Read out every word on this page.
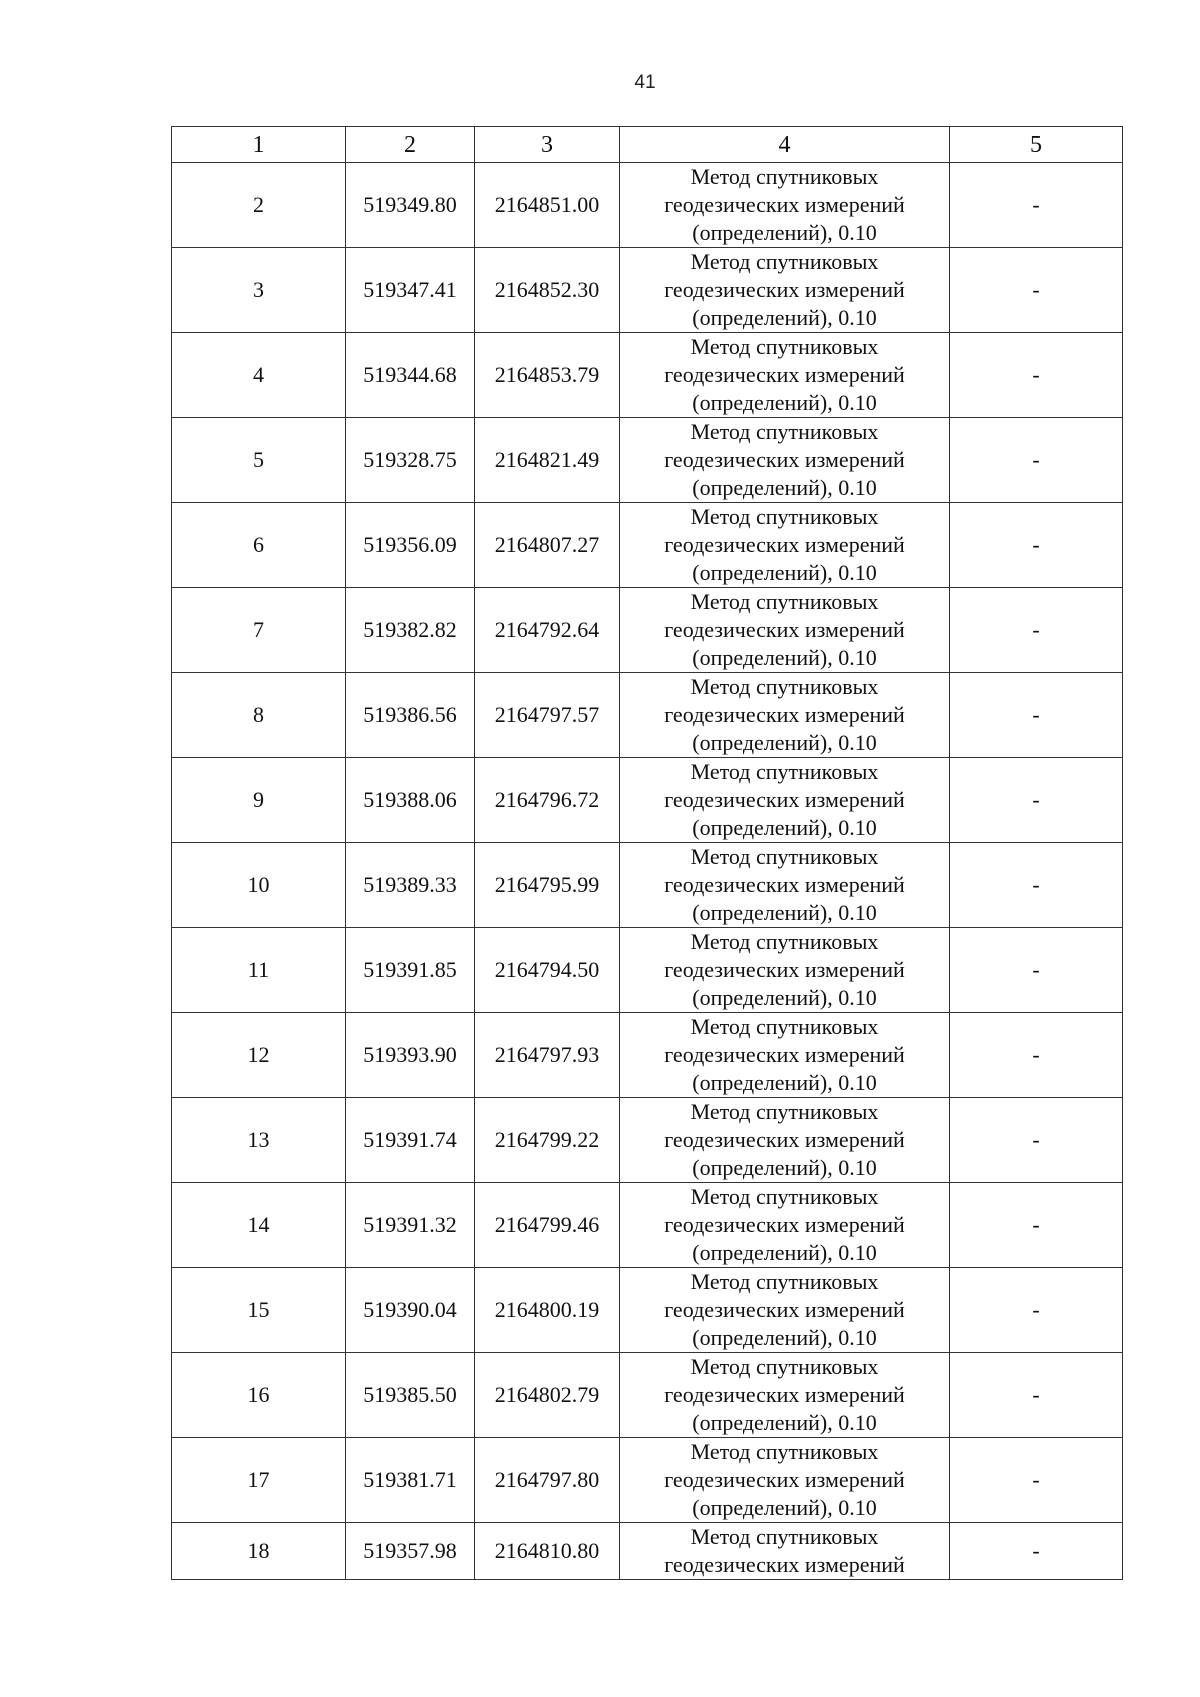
41
1	2	3	4	5
2	519349.80	2164851.00	Метод спутниковых
геодезических измерений
(определений), 0.10	-
3	519347.41	2164852.30	Метод спутниковых
геодезических измерений
(определений), 0.10	-
4	519344.68	2164853.79	Метод спутниковых
геодезических измерений
(определений), 0.10	-
5	519328.75	2164821.49	Метод спутниковых
геодезических измерений
(определений), 0.10	-
6	519356.09	2164807.27	Метод спутниковых
геодезических измерений
(определений), 0.10	-
7	519382.82	2164792.64	Метод спутниковых
геодезических измерений
(определений), 0.10	-
8	519386.56	2164797.57	Метод спутниковых
геодезических измерений
(определений), 0.10	-
9	519388.06	2164796.72	Метод спутниковых
геодезических измерений
(определений), 0.10	-
10	519389.33	2164795.99	Метод спутниковых
геодезических измерений
(определений), 0.10	-
11	519391.85	2164794.50	Метод спутниковых
геодезических измерений
(определений), 0.10	-
12	519393.90	2164797.93	Метод спутниковых
геодезических измерений
(определений), 0.10	-
13	519391.74	2164799.22	Метод спутниковых
геодезических измерений
(определений), 0.10	-
14	519391.32	2164799.46	Метод спутниковых
геодезических измерений
(определений), 0.10	-
15	519390.04	2164800.19	Метод спутниковых
геодезических измерений
(определений), 0.10	-
16	519385.50	2164802.79	Метод спутниковых
геодезических измерений
(определений), 0.10	-
17	519381.71	2164797.80	Метод спутниковых
геодезических измерений
(определений), 0.10	-
18	519357.98	2164810.80	Метод спутниковых
геодезических измерений	-
